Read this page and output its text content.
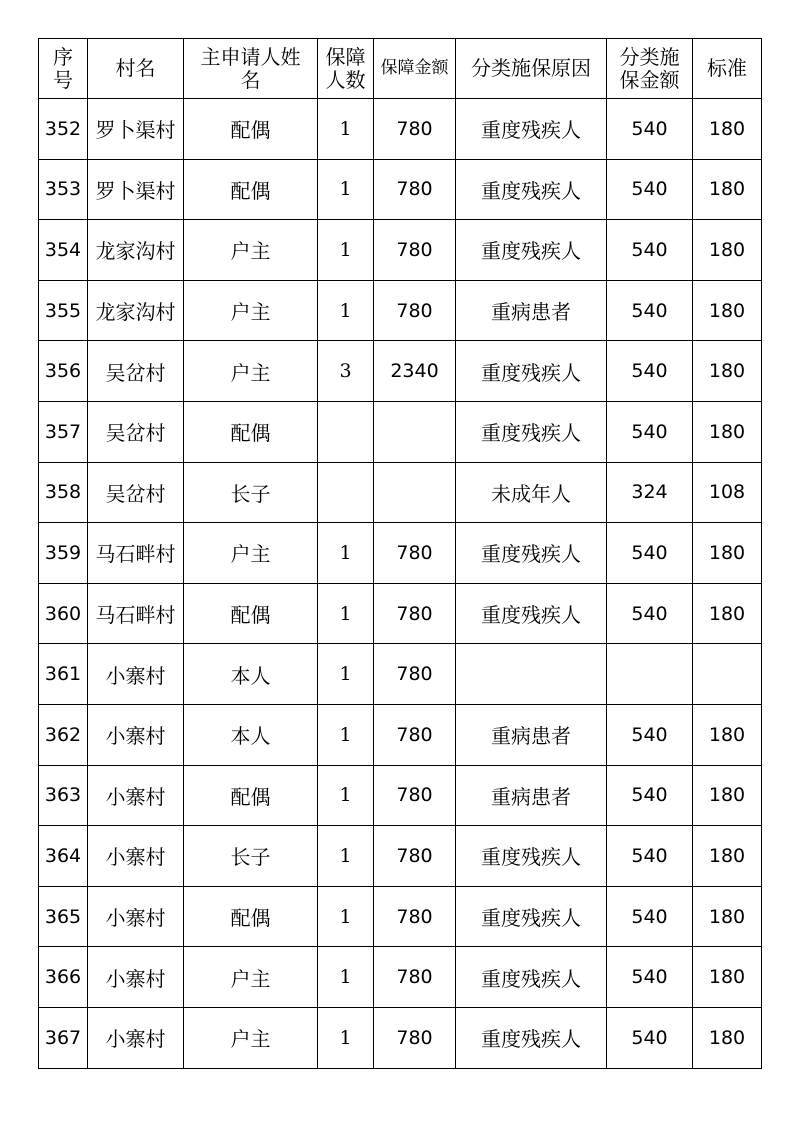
序
号	村名	主申请人姓名	保障人数	保障金额	分类施保原因	分类施保金额	标准
352	罗卜渠村	配偶	1	780	重度残疾人	540	180
353	罗卜渠村	配偶	1	780	重度残疾人	540	180
354	龙家沟村	户主	1	780	重度残疾人	540	180
355	龙家沟村	户主	1	780	重病患者	540	180
356	吴岔村	户主	3	2340	重度残疾人	540	180
357	吴岔村	配偶			重度残疾人	540	180
358	吴岔村	长子			未成年人	324	108
359	马石畔村	户主	1	780	重度残疾人	540	180
360	马石畔村	配偶	1	780	重度残疾人	540	180
361	小寨村	本人	1	780			
362	小寨村	本人	1	780	重病患者	540	180
363	小寨村	配偶	1	780	重病患者	540	180
364	小寨村	长子	1	780	重度残疾人	540	180
365	小寨村	配偶	1	780	重度残疾人	540	180
366	小寨村	户主	1	780	重度残疾人	540	180
367	小寨村	户主	1	780	重度残疾人	540	180
